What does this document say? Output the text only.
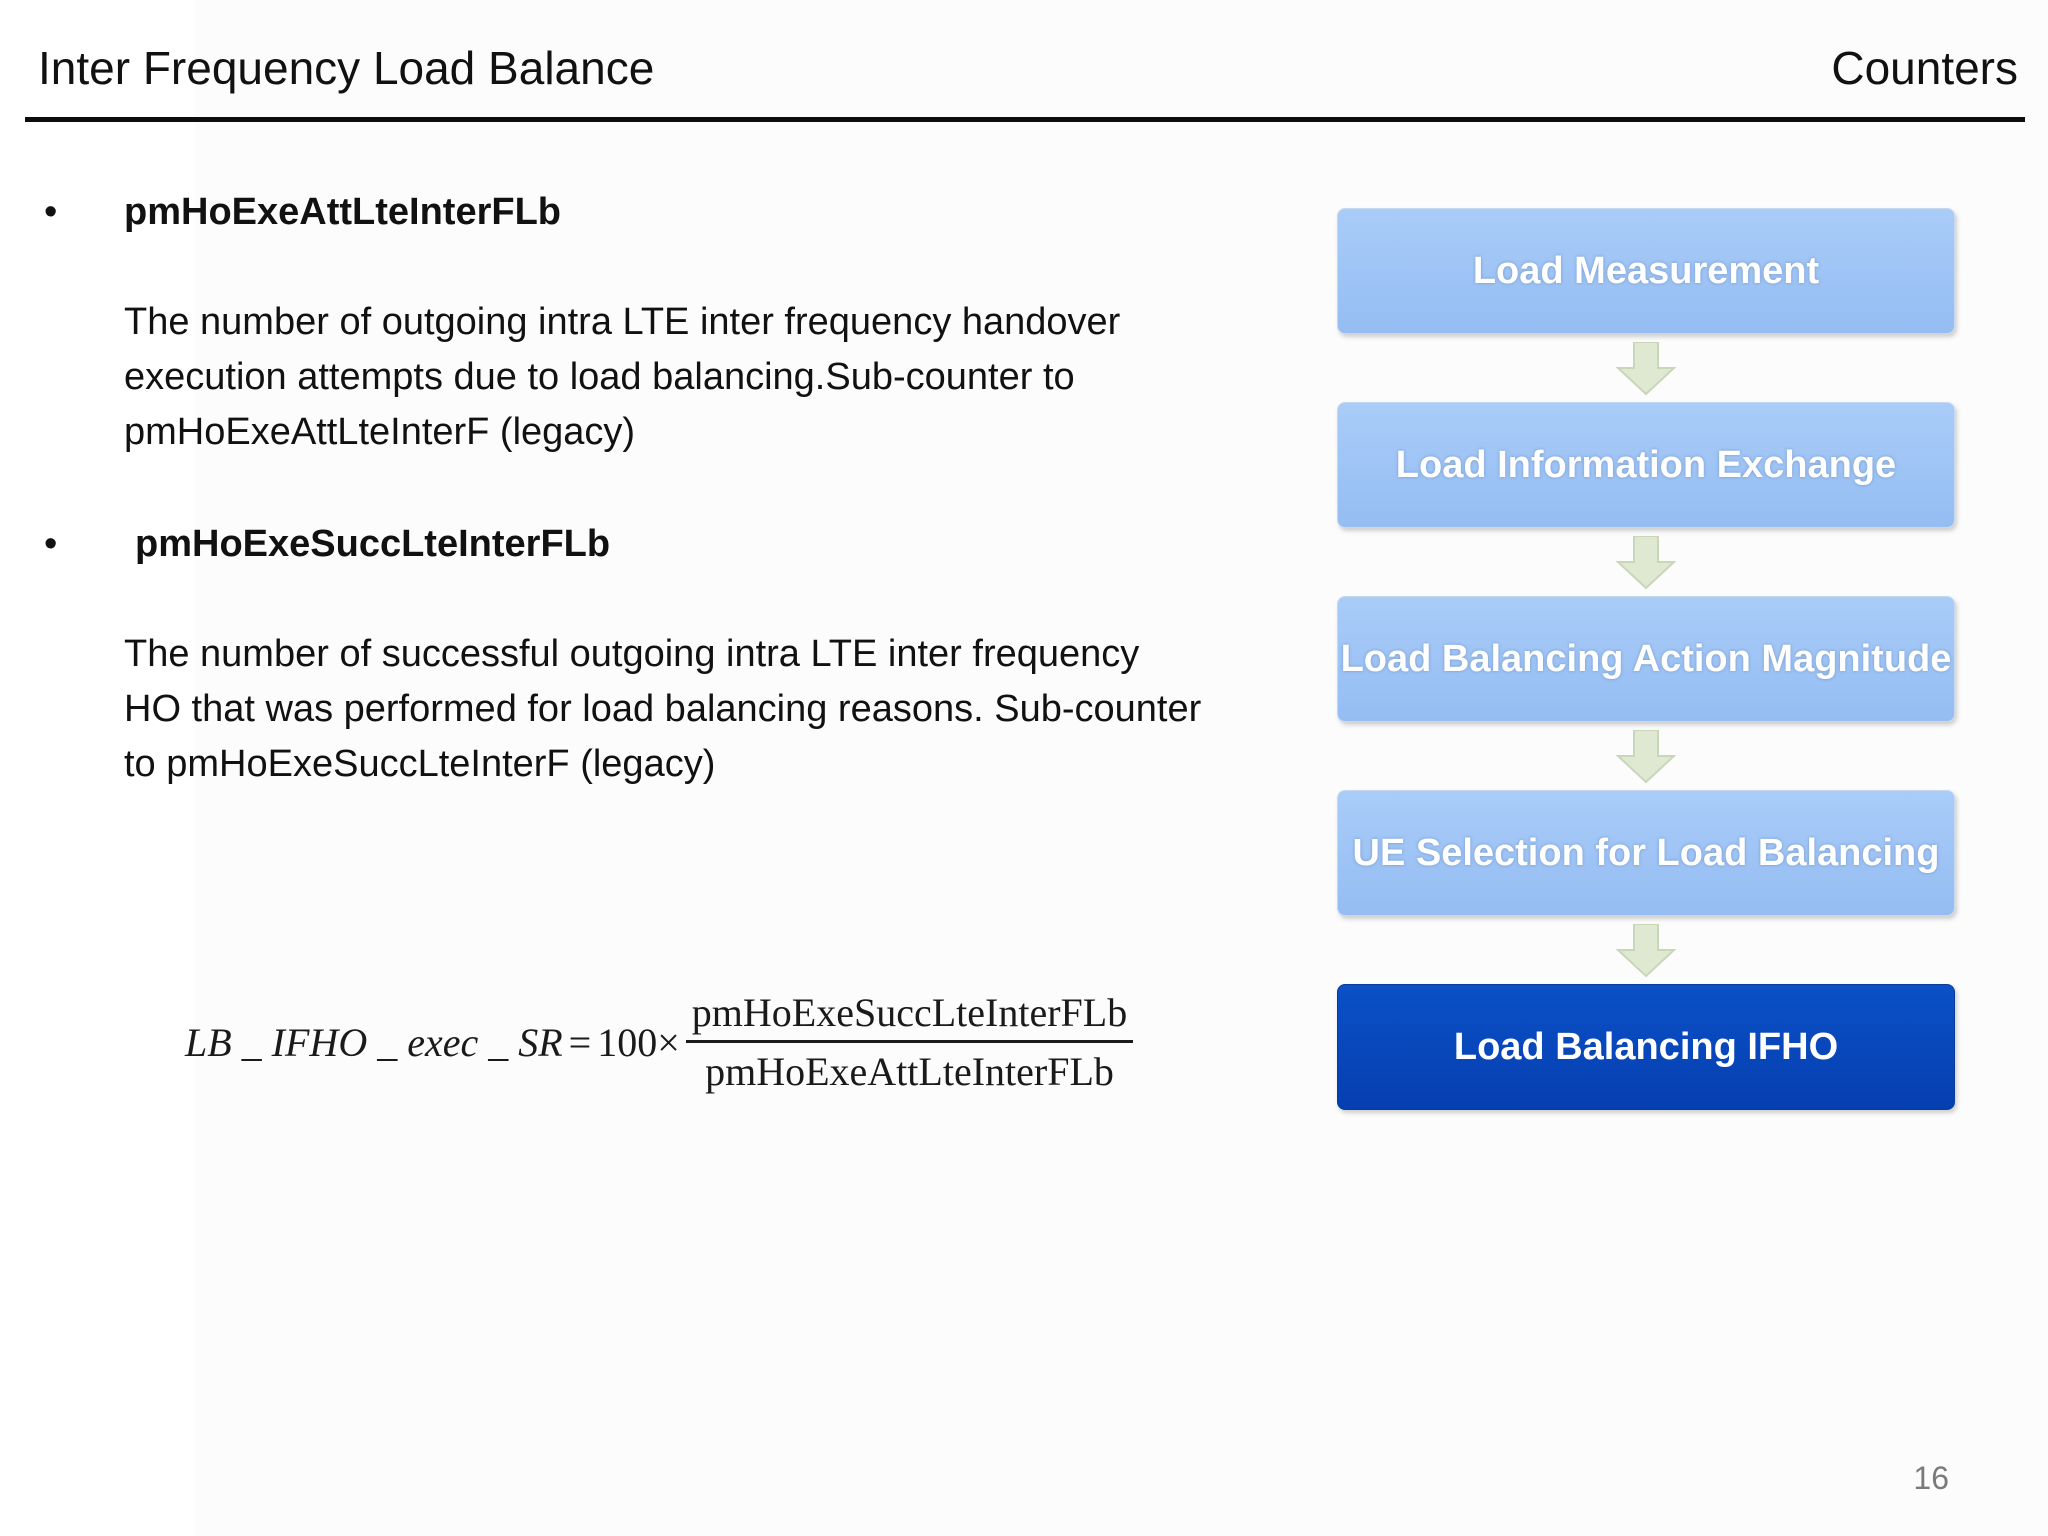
Inter Frequency Load Balance	Counters
• pmHoExeAttLteInterFLb
The number of outgoing intra LTE inter frequency handover execution attempts due to load balancing.Sub-counter to pmHoExeAttLteInterF (legacy)
• pmHoExeSuccLteInterFLb
The number of successful outgoing intra LTE inter frequency HO that was performed for load balancing reasons. Sub-counter to pmHoExeSuccLteInterF (legacy)
LB _ IFHO _ exec _ SR = $100\times \frac{\text{pmHoExeSuccLteInterFLb}}{\text{pmHoExeAttLteInterFLb}}$
Load Measurement
Load Information Exchange
Load Balancing Action Magnitude
UE Selection for Load Balancing
Load Balancing IFHO
16
